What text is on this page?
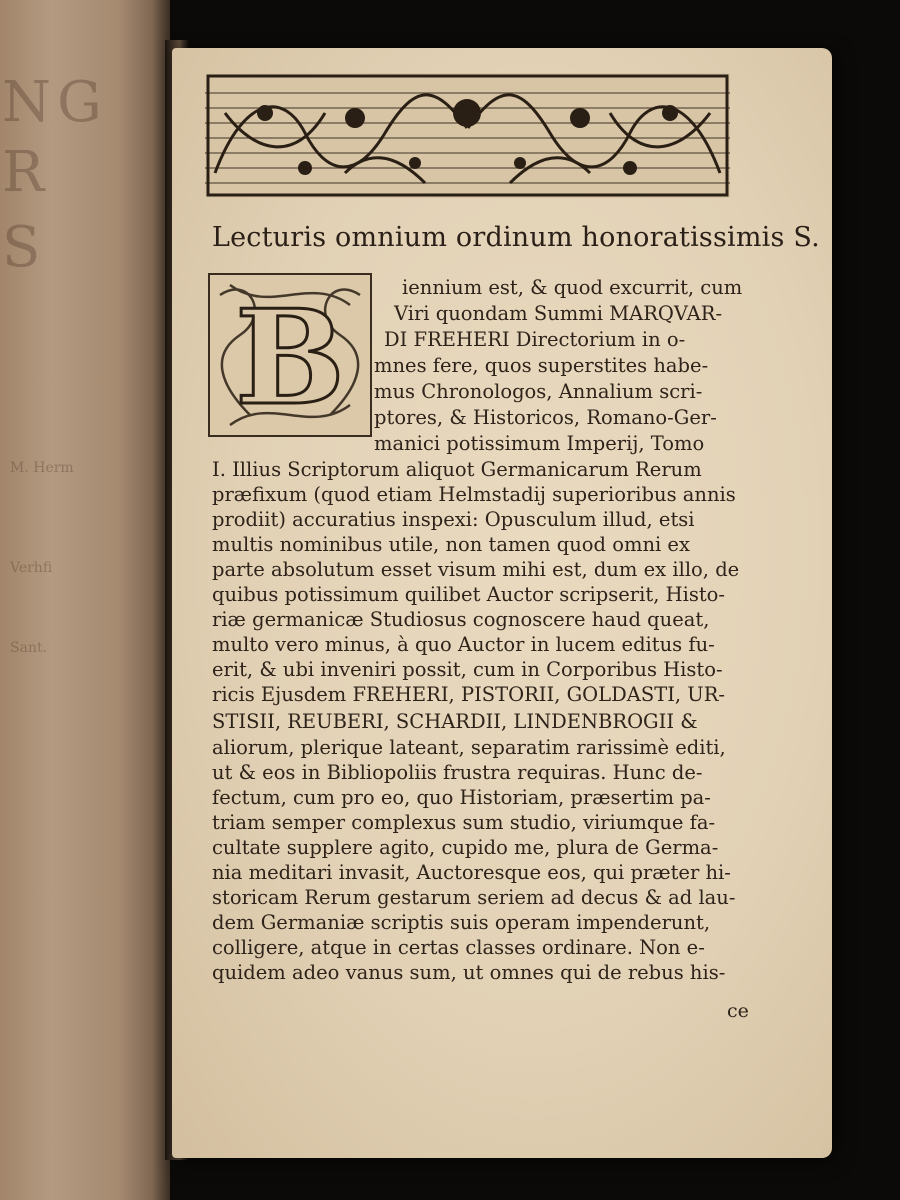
NG
R
S
M. Herm
Verhfi
Sant.
Lecturis omnium ordinum honoratissimis S.
B	iennium est, & quod excurrit, cum
Viri quondam Summi MARQVAR-
DI FREHERI Directorium in o-
mnes fere, quos superstites habe-
mus Chronologos, Annalium scri-
ptores, & Historicos, Romano-Ger-
manici potissimum Imperij, Tomo
I. Illius Scriptorum aliquot Germanicarum Rerum
præfixum (quod etiam Helmstadij superioribus annis
prodiit) accuratius inspexi: Opusculum illud, etsi
multis nominibus utile, non tamen quod omni ex
parte absolutum esset visum mihi est, dum ex illo, de
quibus potissimum quilibet Auctor scripserit, Histo-
riæ germanicæ Studiosus cognoscere haud queat,
multo vero minus, à quo Auctor in lucem editus fu-
erit, & ubi inveniri possit, cum in Corporibus Histo-
ricis Ejusdem FREHERI, PISTORII, GOLDASTI, UR-
STISII, REUBERI, SCHARDII, LINDENBROGII &
aliorum, plerique lateant, separatim rarissimè editi,
ut & eos in Bibliopoliis frustra requiras. Hunc de-
fectum, cum pro eo, quo Historiam, præsertim pa-
triam semper complexus sum studio, viriumque fa-
cultate supplere agito, cupido me, plura de Germa-
nia meditari invasit, Auctoresque eos, qui præter hi-
storicam Rerum gestarum seriem ad decus & ad lau-
dem Germaniæ scriptis suis operam impenderunt,
colligere, atque in certas classes ordinare. Non e-
quidem adeo vanus sum, ut omnes qui de rebus his-
ce
